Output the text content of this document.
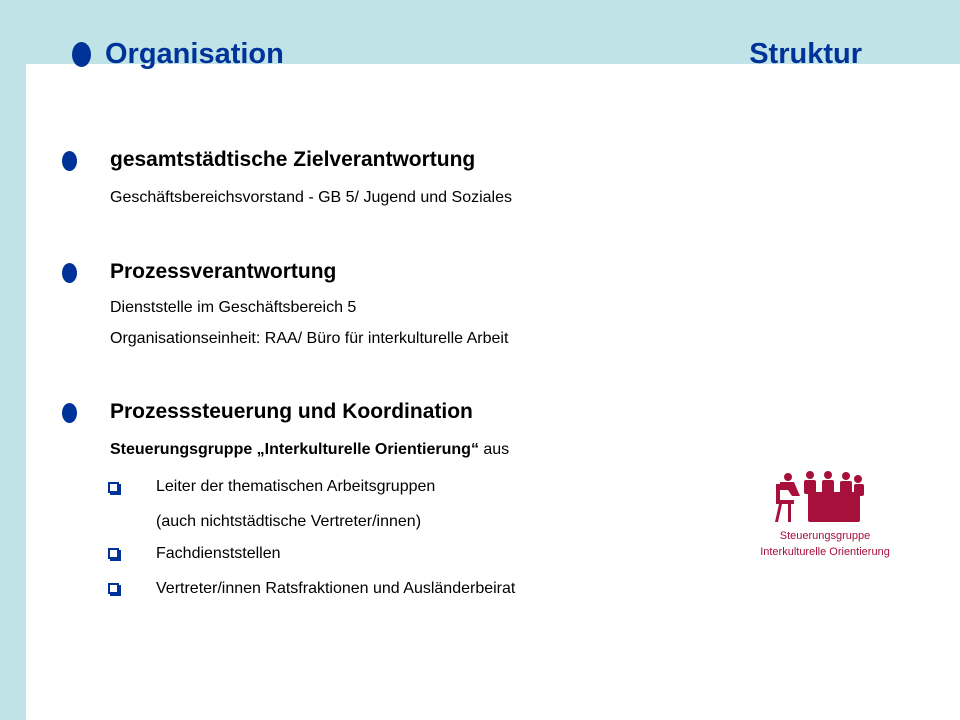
Organisation	Struktur
gesamtstädtische Zielverantwortung
Geschäftsbereichsvorstand - GB 5/ Jugend und Soziales
Prozessverantwortung
Dienststelle im Geschäftsbereich 5
Organisationseinheit: RAA/ Büro für interkulturelle Arbeit
Prozesssteuerung und Koordination
Steuerungsgruppe „Interkulturelle Orientierung“ aus
Leiter der thematischen Arbeitsgruppen
(auch nichtstädtische Vertreter/innen)
Fachdienststellen
Vertreter/innen Ratsfraktionen und Ausländerbeirat
Steuerungsgruppe
Interkulturelle Orientierung
